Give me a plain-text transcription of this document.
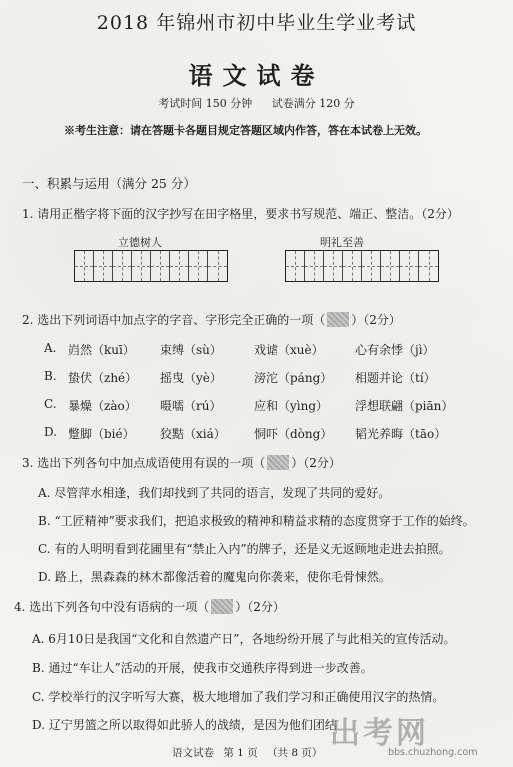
2018 年锦州市初中毕业生学业考试
语文试卷
考试时间 150 分钟 试卷满分 120 分
※考生注意：请在答题卡各题目规定答题区域内作答，答在本试卷上无效。
一、积累与运用（满分 25 分）
1. 请用正楷字将下面的汉字抄写在田字格里，要求书写规范、端正、整洁。（2分）
立德树人	明礼至善
2. 选出下列词语中加点字的字音、字形完全正确的一项（ ）（2分）
A. 岿然（kuī） 束缚（sù）	戏谑（xuè）	心有余悸（jì）
B. 蛰伏（zhé） 摇曳（yè）	滂沱（páng） 相题并论（tí）
C. 暴燥（zào） 嗫嚅（rú）	应和（yìng） 浮想联翩（piān）
D. 蹩脚（bié） 狡黠（xiá） 恫吓（dòng） 韬光养晦（tāo）
3. 选出下列各句中加点成语使用有误的一项（ ）（2分）
A. 尽管萍水相逢，我们却找到了共同的语言，发现了共同的爱好。
B. “工匠精神”要求我们，把追求极致的精神和精益求精的态度贯穿于工作的始终。
C. 有的人明明看到花圃里有“禁止入内”的牌子，还是义无返顾地走进去拍照。
D. 路上，黑森森的林木都像活着的魔鬼向你袭来，使你毛骨悚然。
4. 选出下列各句中没有语病的一项（ ）（2分）
A. 6月10日是我国“文化和自然遗产日”，各地纷纷开展了与此相关的宣传活动。
B. 通过“车让人”活动的开展，使我市交通秩序得到进一步改善。
C. 学校举行的汉字听写大赛，极大地增加了我们学习和正确使用汉字的热情。
D. 辽宁男篮之所以取得如此骄人的战绩，是因为他们团结
语文试卷 第 1 页 （共 8 页）
出考网
bbs.chuzhong.com
